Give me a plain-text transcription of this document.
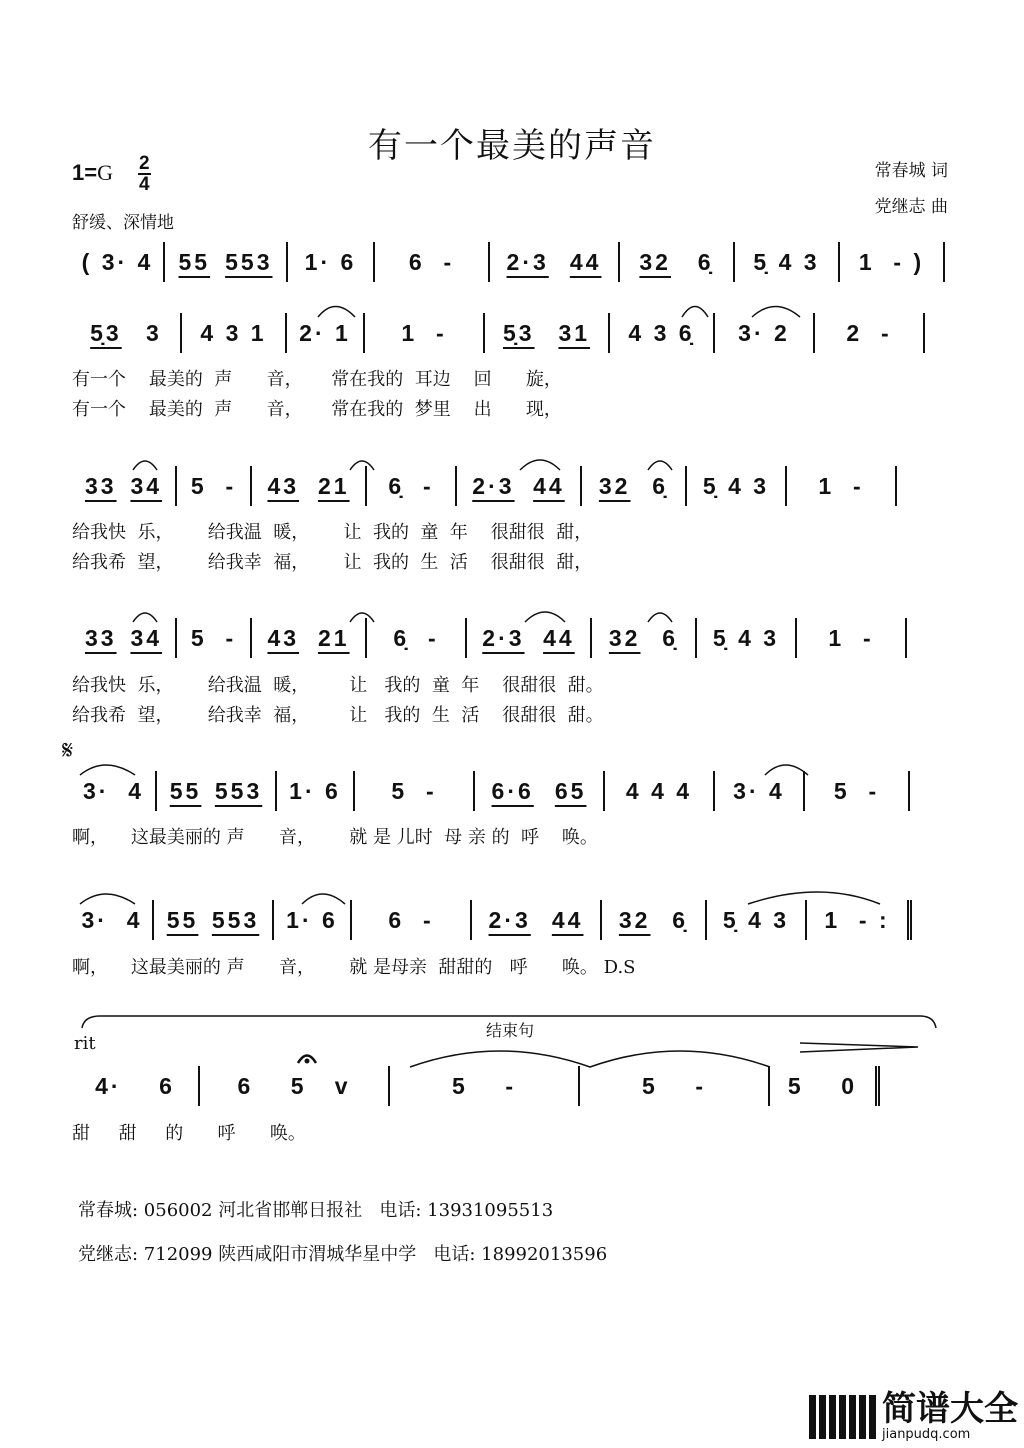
有一个最美的声音
$1=G \frac{2}{4}$
舒缓、深情地
常春城 词
党继志 曲
𝄋
结束句
rit
( 3· 4 55 553 1· 6 6  - 2·3 44 32 6̣ 5̣ 4 3 1  - )
5̣3 3 4 3 1 2· 1 1  - 5̣3 31 4 3 6̣ 3· 2 2  -
有一个    最美的  声      音，     常在我的  耳边    回      旋，
有一个    最美的  声      音，     常在我的  梦里    出      现，
33 34 5  - 43 21 6̣  - 2·3 44 32 6̣ 5̣ 4 3 1  -
给我快  乐，      给我温  暖，      让  我的  童  年    很甜很  甜，
给我希  望，      给我幸  福，      让  我的  生  活    很甜很  甜，
33 34 5  - 43 21 6̣  - 2·3 44 32 6̣ 5̣ 4 3 1  -
给我快  乐，      给我温  暖，       让   我的  童  年    很甜很  甜。
给我希  望，      给我幸  福，       让   我的  生  活    很甜很  甜。
3·  4 55 553 1· 6 5  - 6·6 65 4 4 4 3· 4 5  -
啊，    这最美丽的 声      音，      就 是 儿时  母 亲 的  呼    唤。
3·  4 55 553 1· 6 6  - 2·3 44 32 6̣ 5̣ 4 3 1  - :
啊，    这最美丽的 声      音，      就 是母亲  甜甜的   呼      唤。 D.S
4·    6	6    5   v	5    -	5    -	5    0
甜     甜     的      呼      唤。
常春城: 056002 河北省邯郸日报社   电话: 13931095513
党继志: 712099 陕西咸阳市渭城华星中学   电话: 18992013596
简谱大全
jianpudq.com
